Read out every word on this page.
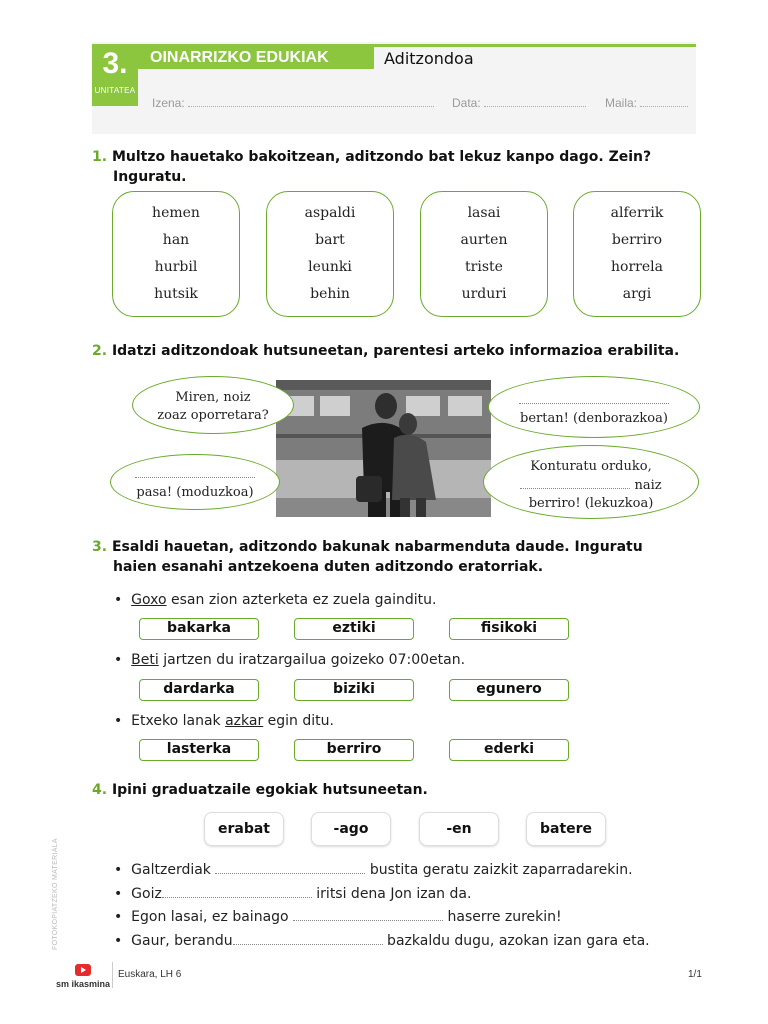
3.
UNITATEA
OINARRIZKO EDUKIAK	Aditzondoa
Izena:	Data:	Maila:
1. Multzo hauetako bakoitzean, aditzondo bat lekuz kanpo dago. Zein?
Inguratu.
hemen
han
hurbil
hutsik
aspaldi
bart
leunki
behin
lasai
aurten
triste
urduri
alferrik
berriro
horrela
argi
2. Idatzi aditzondoak hutsuneetan, parentesi arteko informazioa erabilita.
Miren, noiz
zoaz oporretara?	bertan! (denborazkoa)
pasa! (moduzkoa)
Konturatu orduko,
naiz
berriro! (lekuzkoa)
3. Esaldi hauetan, aditzondo bakunak nabarmenduta daude. Inguratu
haien esanahi antzekoena duten aditzondo eratorriak.
• Goxo esan zion azterketa ez zuela gainditu.
bakarka	eztiki	fisikoki
• Beti jartzen du iratzargailua goizeko 07:00etan.
dardarka	biziki	egunero
• Etxeko lanak azkar egin ditu.
lasterka	berriro	ederki
4. Ipini graduatzaile egokiak hutsuneetan.
erabat	-ago	-en	batere
• Galtzerdiak	bustita geratu zaizkit zaparradarekin.
• Goiz	iritsi dena Jon izan da.
• Egon lasai, ez bainago	haserre zurekin!
• Gaur, berandu	bazkaldu dugu, azokan izan gara eta.
FOTOKOPIATZEKO MATERIALA
sm ikasmina
Euskara, LH 6	1/1
